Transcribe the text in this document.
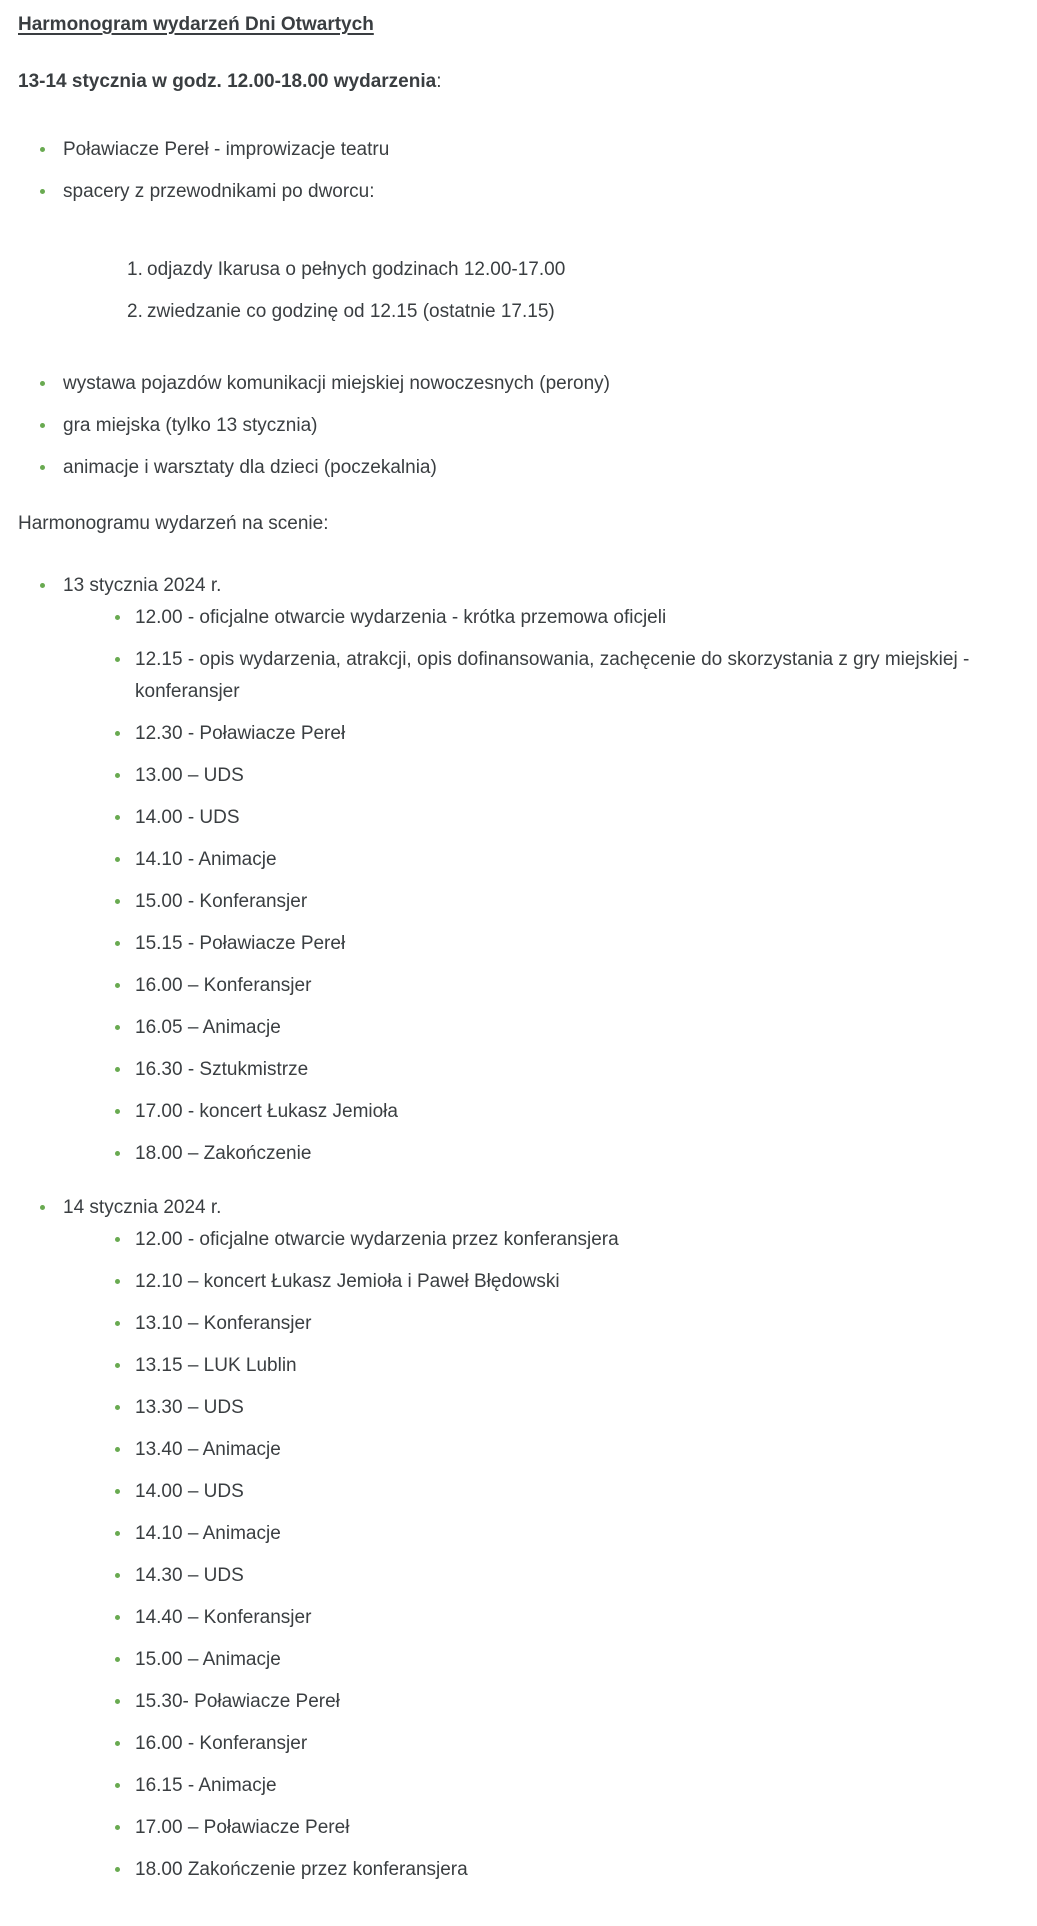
Harmonogram wydarzeń Dni Otwartych

13-14 stycznia w godz. 12.00-18.00 wydarzenia:

Poławiacze Pereł - improwizacje teatru
spacery z przewodnikami po dworcu:
odjazdy Ikarusa o pełnych godzinach 12.00-17.00
zwiedzanie co godzinę od 12.15 (ostatnie 17.15)
wystawa pojazdów komunikacji miejskiej nowoczesnych (perony)
gra miejska (tylko 13 stycznia)
animacje i warsztaty dla dzieci (poczekalnia)

Harmonogramu wydarzeń na scenie:

13 stycznia 2024 r.
12.00 - oficjalne otwarcie wydarzenia - krótka przemowa oficjeli
12.15 - opis wydarzenia, atrakcji, opis dofinansowania, zachęcenie do skorzystania z gry miejskiej - konferansjer
12.30 - Poławiacze Pereł
13.00 – UDS
14.00 - UDS
14.10 - Animacje
15.00 - Konferansjer
15.15 - Poławiacze Pereł
16.00 – Konferansjer
16.05 – Animacje
16.30 - Sztukmistrze
17.00 - koncert Łukasz Jemioła
18.00 – Zakończenie
14 stycznia 2024 r.
12.00 - oficjalne otwarcie wydarzenia przez konferansjera
12.10 – koncert Łukasz Jemioła i Paweł Błędowski
13.10 – Konferansjer
13.15 – LUK Lublin
13.30 – UDS
13.40 – Animacje
14.00 – UDS
14.10 – Animacje
14.30 – UDS
14.40 – Konferansjer
15.00 – Animacje
15.30- Poławiacze Pereł
16.00 - Konferansjer
16.15 - Animacje
17.00 – Poławiacze Pereł
18.00 Zakończenie przez konferansjera
